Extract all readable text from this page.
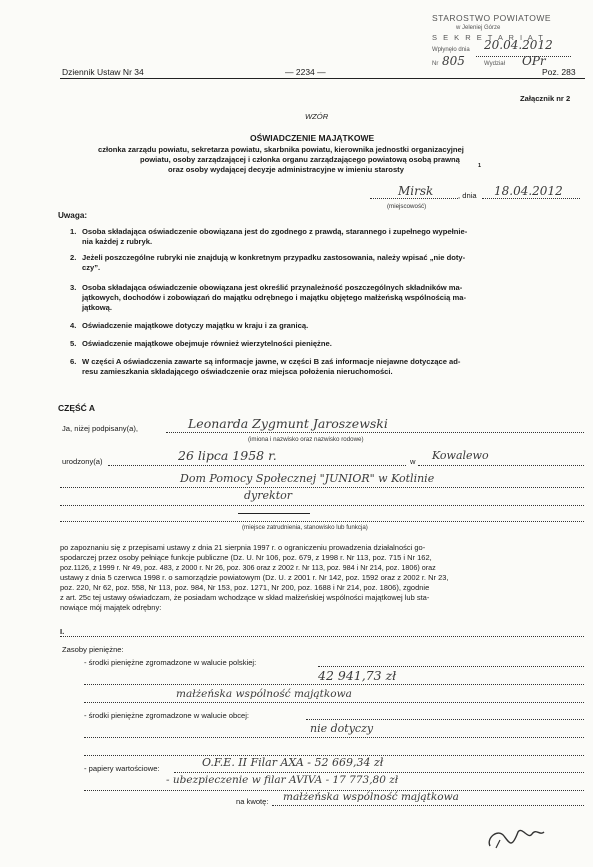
STAROSTWO POWIATOWE
w Jeleniej Górze
S E K R E T A R I A T
Wpłynęło dnia 20.04.2012
Nr 805	Wydział OPr
Dziennik Ustaw Nr 34	— 2234 —	Poz. 283
Załącznik nr 2
WZÓR
OŚWIADCZENIE MAJĄTKOWE
członka zarządu powiatu, sekretarza powiatu, skarbnika powiatu, kierownika jednostki organizacyjnej
powiatu, osoby zarządzającej i członka organu zarządzającego powiatową osobą prawną
oraz osoby wydającej decyzje administracyjne w imieniu starosty	1
Mirsk
(miejscowość)
, dnia 18.04.2012
Uwaga:
1. Osoba składająca oświadczenie obowiązana jest do zgodnego z prawdą, starannego i zupełnego wypełnie-
nia każdej z rubryk.
2. Jeżeli poszczególne rubryki nie znajdują w konkretnym przypadku zastosowania, należy wpisać „nie doty-
czy”.
3. Osoba składająca oświadczenie obowiązana jest określić przynależność poszczególnych składników ma-
jątkowych, dochodów i zobowiązań do majątku odrębnego i majątku objętego małżeńską wspólnością ma-
jątkową.
4. Oświadczenie majątkowe dotyczy majątku w kraju i za granicą.
5. Oświadczenie majątkowe obejmuje również wierzytelności pieniężne.
6. W części A oświadczenia zawarte są informacje jawne, w części B zaś informacje niejawne dotyczące ad-
resu zamieszkania składającego oświadczenie oraz miejsca położenia nieruchomości.
CZĘŚĆ A
Ja, niżej podpisany(a),	Leonarda Zygmunt Jaroszewski
(imiona i nazwisko oraz nazwisko rodowe)
urodzony(a)	26 lipca 1958 r.	w Kowalewo
Dom Pomocy Społecznej "JUNIOR" w Kotlinie
dyrektor
(miejsce zatrudnienia, stanowisko lub funkcja)
po zapoznaniu się z przepisami ustawy z dnia 21 sierpnia 1997 r. o ograniczeniu prowadzenia działalności go-
spodarczej przez osoby pełniące funkcje publiczne (Dz. U. Nr 106, poz. 679, z 1998 r. Nr 113, poz. 715 i Nr 162,
poz.1126, z 1999 r. Nr 49, poz. 483, z 2000 r. Nr 26, poz. 306 oraz z 2002 r. Nr 113, poz. 984 i Nr 214, poz. 1806) oraz
ustawy z dnia 5 czerwca 1998 r. o samorządzie powiatowym (Dz. U. z 2001 r. Nr 142, poz. 1592 oraz z 2002 r. Nr 23,
poz. 220, Nr 62, poz. 558, Nr 113, poz. 984, Nr 153, poz. 1271, Nr 200, poz. 1688 i Nr 214, poz. 1806), zgodnie
z art. 25c tej ustawy oświadczam, że posiadam wchodzące w skład małżeńskiej wspólności majątkowej lub sta-
nowiące mój majątek odrębny:
I.
Zasoby pieniężne:
- środki pieniężne zgromadzone w walucie polskiej:
42 941,73 zł
małżeńska wspólność majątkowa
- środki pieniężne zgromadzone w walucie obcej:
nie dotyczy
- papiery wartościowe:	O.F.E. II Filar AXA - 52 669,34 zł
- ubezpieczenie w filar AVIVA - 17 773,80 zł
na kwotę: małżeńska wspólność majątkowa
